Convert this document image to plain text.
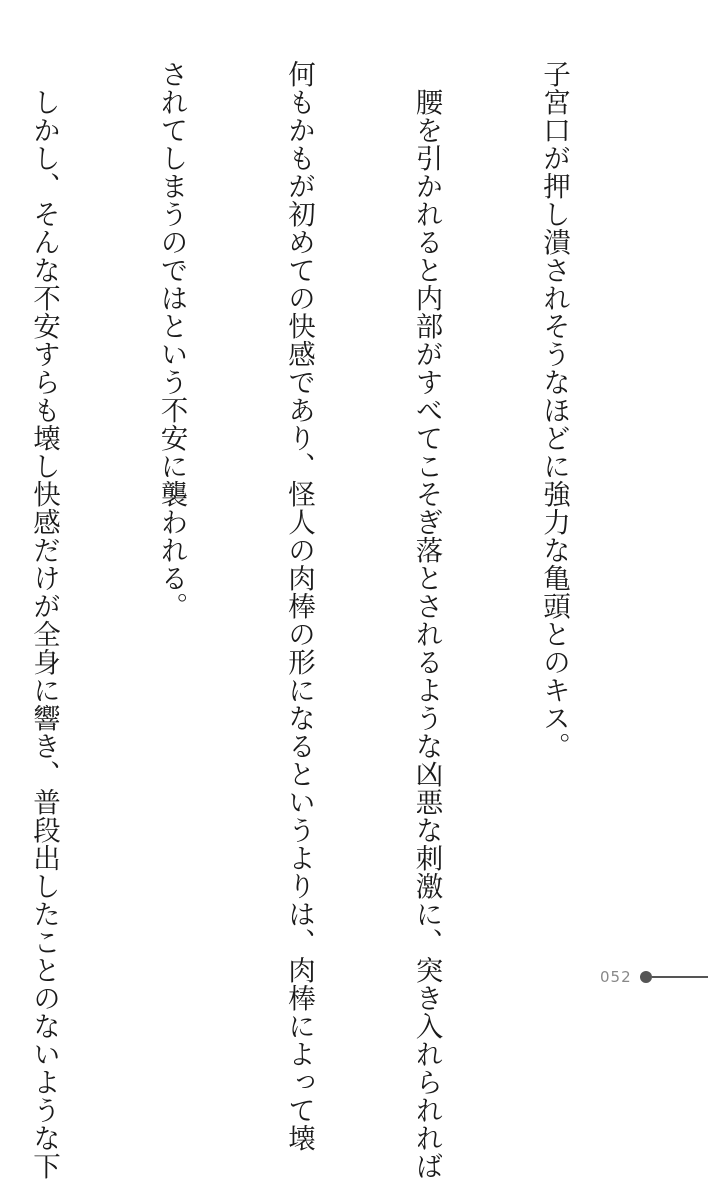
子宮口が押し潰されそうなほどに強力な亀頭とのキス。

　腰を引かれると内部がすべてこそぎ落とされるような凶悪な刺激に、突き入れられれば

何もかもが初めての快感であり、怪人の肉棒の形になるというよりは、肉棒によって壊

されてしまうのではという不安に襲われる。

　しかし、そんな不安すらも壊し快感だけが全身に響き、普段出したことのないような下

	052
